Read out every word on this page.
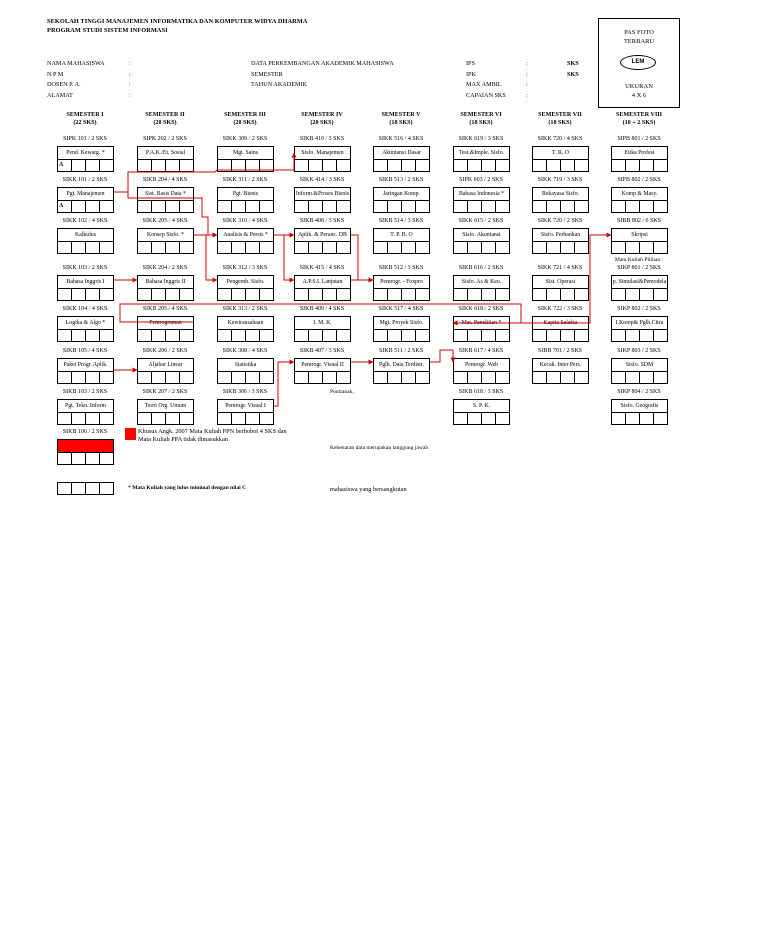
SEKOLAH TINGGI MANAJEMEN INFORMATIKA DAN KOMPUTER WIDYA DHARMA
PROGRAM STUDI SISTEM INFORMASI
NAMA MAHASISWA
N P M
DOSEN P. A.
ALAMAT
:
:
:
:
DATA PERKEMBANGAN AKADEMIK MAHASISWA
SEMESTER
TAHUN AKADEMIK
IPS
IPK
MAX AMBIL
CAPAIAN SKS
:
:
:
:
SKS
SKS
PAS FOTO
TERBARU
LEM
UKURAN
4 X 6
SEMESTER I
(22 SKS)
SEMESTER II
(20 SKS)
SEMESTER III
(20 SKS)
SEMESTER IV
(20 SKS)
SEMESTER V
(18 SKS)
SEMESTER VI
(18 SKS)
SEMESTER VII
(18 SKS)
SEMESTER VIII
(10 + 2 SKS)
SIPK 101 / 2 SKS
Pend. Kewarg. *
A
SIKK 101 / 2 SKS
Pgt. Manajemen
A
SIKK 102 / 4 SKS
Kalkulus
SIKK 103 / 2 SKS
Bahasa Inggris I
SIKK 104 / 4 SKS
Logika & Algo *
SIKB 105 / 4 SKS
Paket Progr. Aplik.
SIKB 103 / 2 SKS
Pgt. Tekn. Inform
SIKB 106 / 2 SKS
Paket Progr. Aplik.
SIPK 202 / 2 SKS
P.A.K./Et. Sosial
SIKB 204 / 4 SKS
Sist. Basis Data *
SIKK 205 / 4 SKS
Konsep Sisfo. *
SIKK 204 / 2 SKS
Bahasa Inggris II
SIKB 205 / 4 SKS
Pemrograman
SIKK 206 / 2 SKS
Aljabar Linear
SIKK 207 / 2 SKS
Teori Org. Umum
SIKK 309 / 2 SKS
Mgt. Sains
SIKK 311 / 2 SKS
Pgt. Bisnis
SIKK 310 / 4 SKS
Analisis & Persis *
SIKK 312 / 3 SKS
Pengemb. Sisfo.
SIKK 313 / 2 SKS
Kewirausahaan
SIKK 308 / 4 SKS
Statistika
SIKB 306 / 3 SKS
Pemrogr. Visual I
SIKB 410 / 3 SKS
Sisfo. Manajemen
SIKK 414 / 3 SKS
Inform.&Proses Bisnis
SIKB 408 / 3 SKS
Aplik. & Peranc. DB
SIKK 415 / 4 SKS
A.P.S.I. Lanjutan
SIKB 409 / 4 SKS
I. M. K.
SIKB 407 / 3 SKS
Pemrogr. Visual II
SIKK 516 / 4 SKS
Akuntansi Dasar
SIKB 513 / 2 SKS
Jaringan Komp.
SIKB 514 / 3 SKS
T. P. B. O
SIKB 512 / 3 SKS
Pemrogr. - Foxpro
SIKK 517 / 4 SKS
Mgt. Proyek Sisfo.
SIKB 511 / 2 SKS
Pglh. Data Terdistr.
SIKK 619 / 3 SKS
Test.&Imple. Sisfo.
SIPK 603 / 2 SKS
Bahasa Indonesia *
SIKK 615 / 2 SKS
Sisfo. Akuntansi
SIKB 616 / 2 SKS
Sisfo. As & Keu.
SIKK 618 / 2 SKS
Met. Penelitian *
SIKB 617 / 4 SKS
Pemrogr. Web
SIKB 618 / 3 SKS
S. P. K.
SIKK 720 / 4 SKS
T. R. O
SIKK 719 / 3 SKS
Rekayasa Sisfo.
SIKK 720 / 2 SKS
Sisfo. Perbankan
SIKK 721 / 4 SKS
Sist. Operasi
SIKK 722 / 3 SKS
Kapita Selekta
SIBB 701 / 2 SKS
Kecak. Inter Pers.
SIPB 801 / 2 SKS
Etika Profesi
SIPB 802 / 2 SKS
Komp & Masy.
SIBB 802 / 6 SKS
Skripsi
Mata Kuliah Pilihan :
SIKP 801 / 2 SKS
p. Simulasi&Pemodela
SIKP 802 / 2 SKS
I.Komp& Pglh.Citra
SIKP 803 / 2 SKS
Sisfo. SDM
SIKP 804 / 2 SKS
Sisfo. Geografis
Khusus Angk. 2007 Mata Kuliah PPN berbobot 4 SKS dan
Mata Kuliah PPA tidak dimasukkan
Pontianak,
Kebenaran data merupakan tanggung jawab
mahasiswa yang bersangkutan
* Mata Kuliah yang lulus minimal dengan nilai C
